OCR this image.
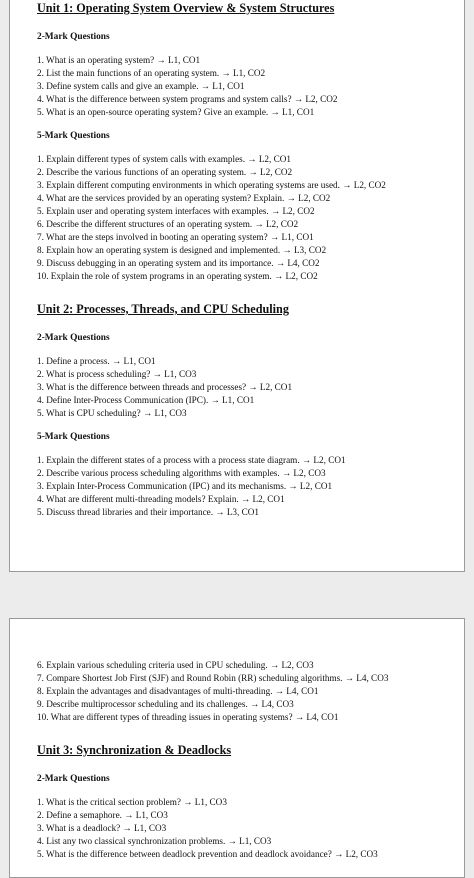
Unit 1: Operating System Overview & System Structures
2-Mark Questions
1. What is an operating system? → L1, CO1
2. List the main functions of an operating system. → L1, CO2
3. Define system calls and give an example. → L1, CO1
4. What is the difference between system programs and system calls? → L2, CO2
5. What is an open-source operating system? Give an example. → L1, CO1
5-Mark Questions
1. Explain different types of system calls with examples. → L2, CO1
2. Describe the various functions of an operating system. → L2, CO2
3. Explain different computing environments in which operating systems are used. → L2, CO2
4. What are the services provided by an operating system? Explain. → L2, CO2
5. Explain user and operating system interfaces with examples. → L2, CO2
6. Describe the different structures of an operating system. → L2, CO2
7. What are the steps involved in booting an operating system? → L1, CO1
8. Explain how an operating system is designed and implemented. → L3, CO2
9. Discuss debugging in an operating system and its importance. → L4, CO2
10. Explain the role of system programs in an operating system. → L2, CO2
Unit 2: Processes, Threads, and CPU Scheduling
2-Mark Questions
1. Define a process. → L1, CO1
2. What is process scheduling? → L1, CO3
3. What is the difference between threads and processes? → L2, CO1
4. Define Inter-Process Communication (IPC). → L1, CO1
5. What is CPU scheduling? → L1, CO3
5-Mark Questions
1. Explain the different states of a process with a process state diagram. → L2, CO1
2. Describe various process scheduling algorithms with examples. → L2, CO3
3. Explain Inter-Process Communication (IPC) and its mechanisms. → L2, CO1
4. What are different multi-threading models? Explain. → L2, CO1
5. Discuss thread libraries and their importance. → L3, CO1
6. Explain various scheduling criteria used in CPU scheduling. → L2, CO3
7. Compare Shortest Job First (SJF) and Round Robin (RR) scheduling algorithms. → L4, CO3
8. Explain the advantages and disadvantages of multi-threading. → L4, CO1
9. Describe multiprocessor scheduling and its challenges. → L4, CO3
10. What are different types of threading issues in operating systems? → L4, CO1
Unit 3: Synchronization & Deadlocks
2-Mark Questions
1. What is the critical section problem? → L1, CO3
2. Define a semaphore. → L1, CO3
3. What is a deadlock? → L1, CO3
4. List any two classical synchronization problems. → L1, CO3
5. What is the difference between deadlock prevention and deadlock avoidance? → L2, CO3
